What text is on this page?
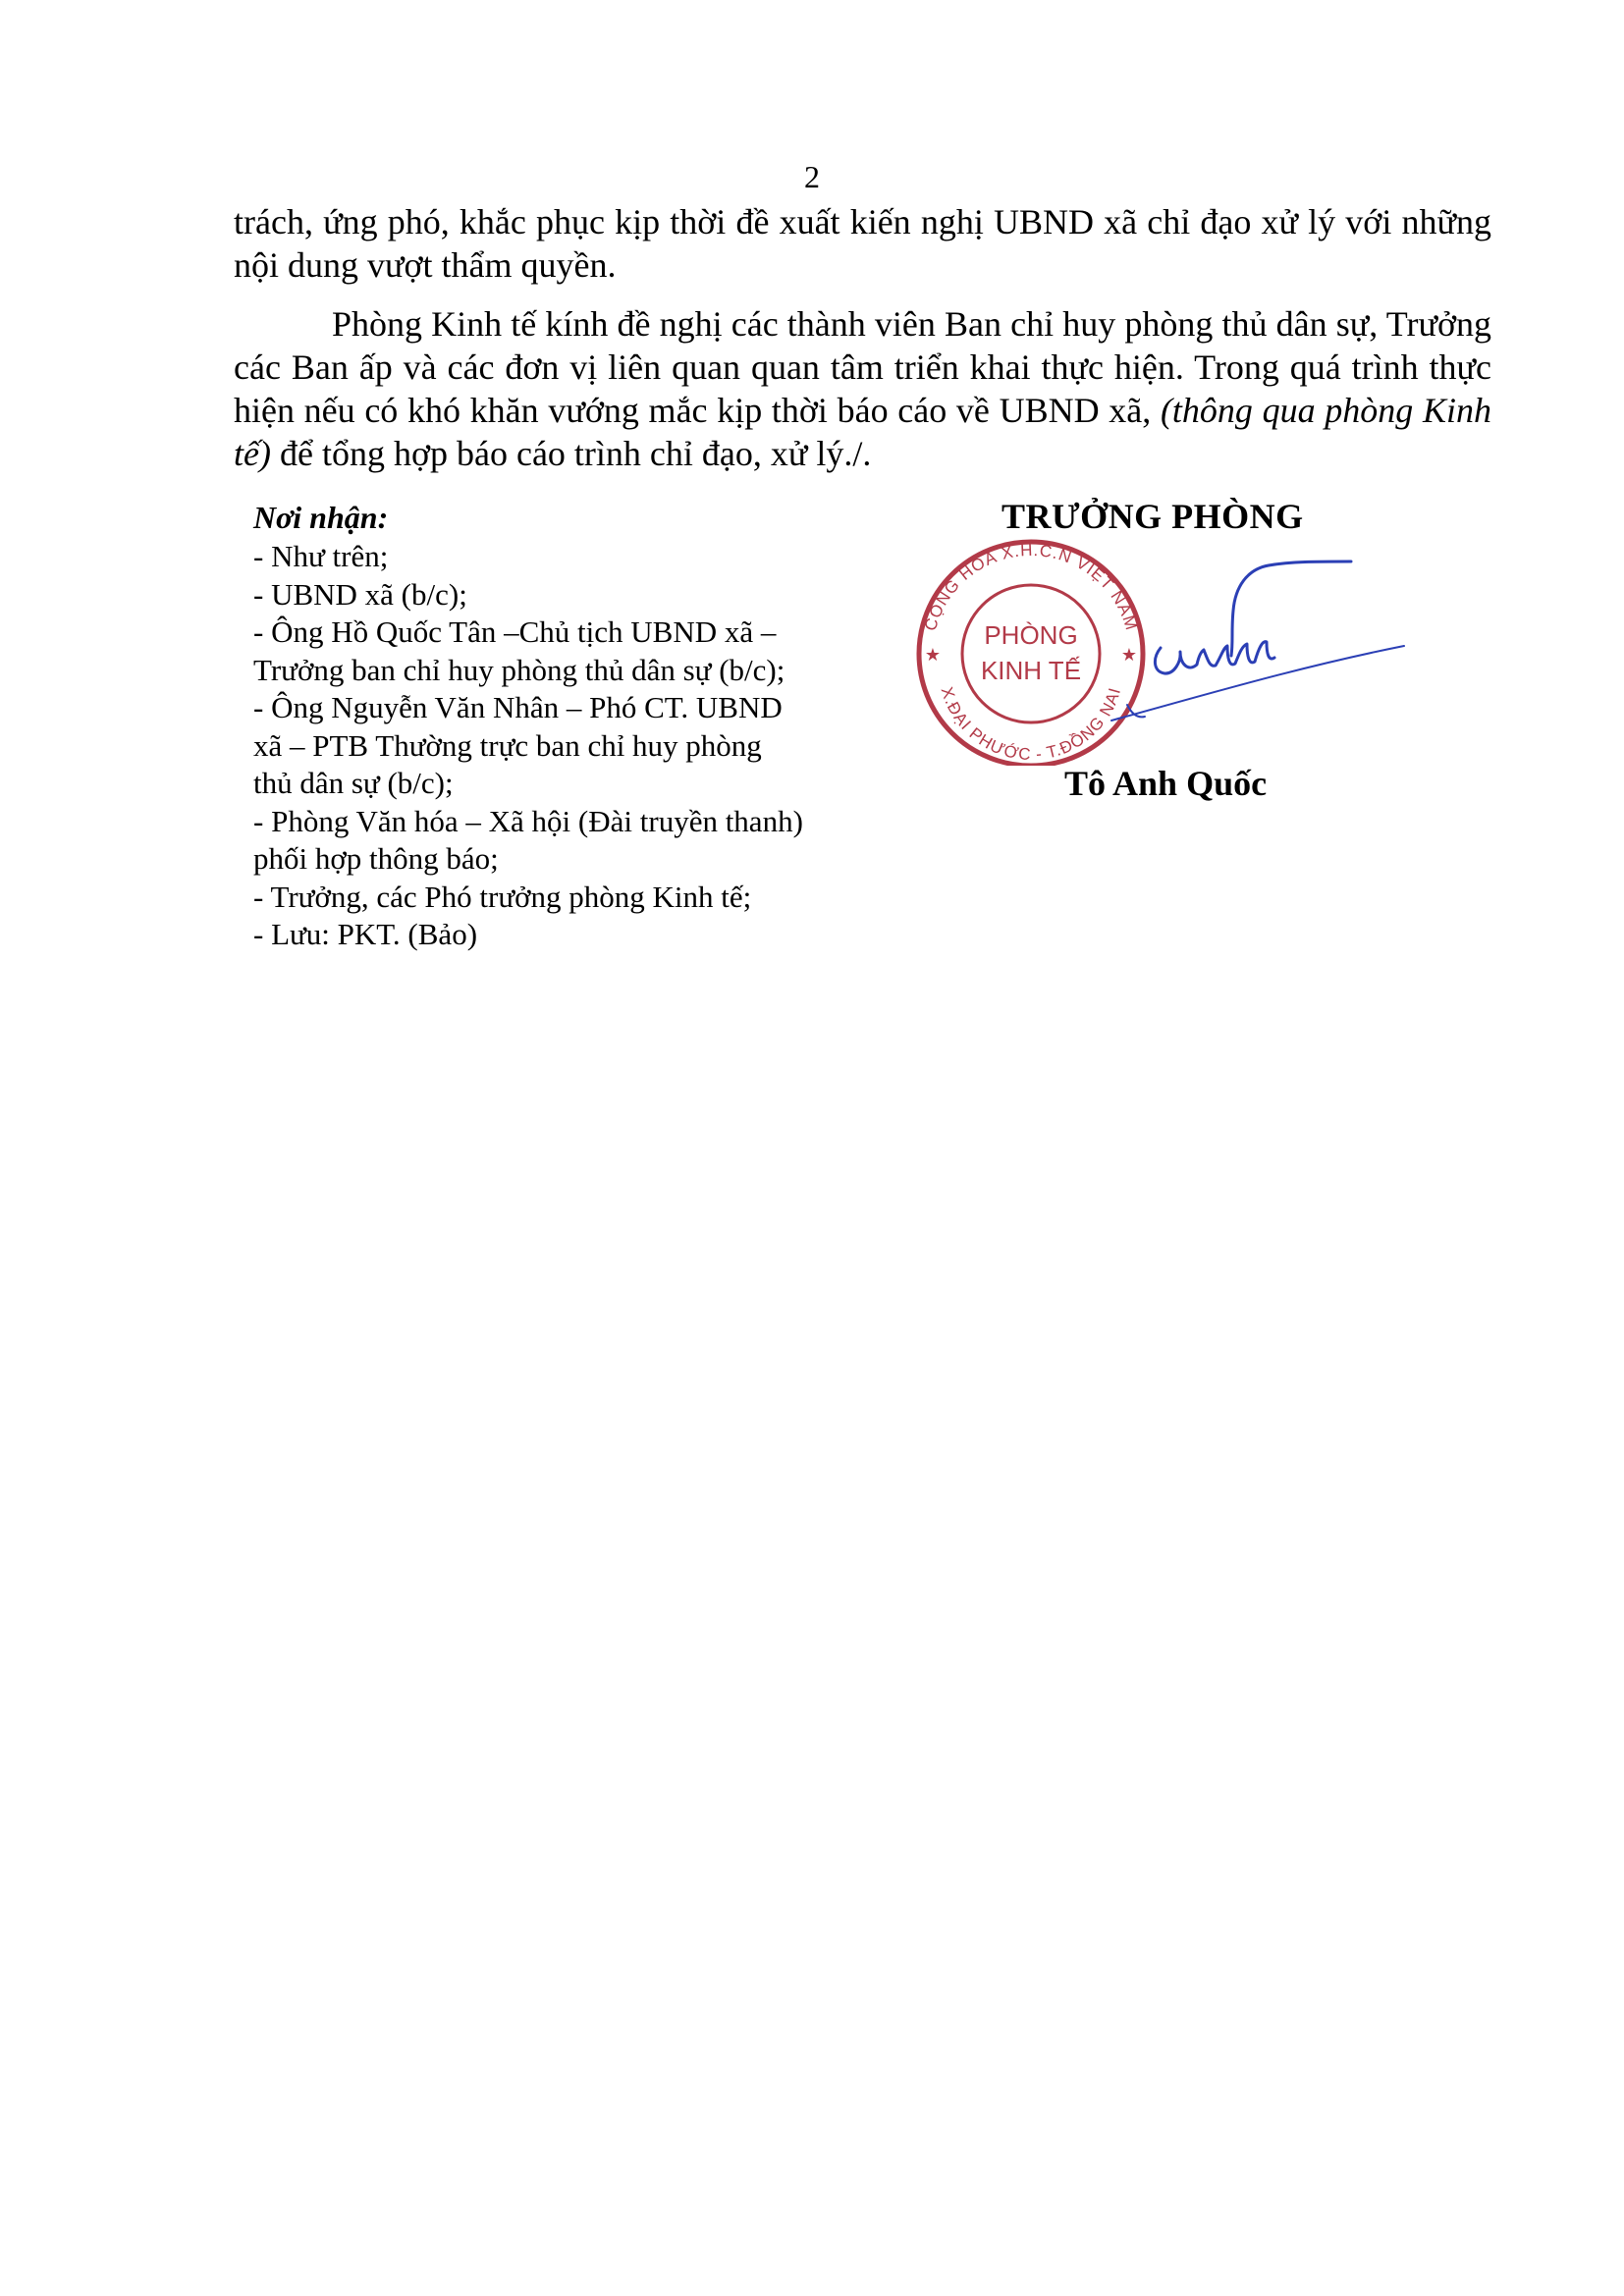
2

trách, ứng phó, khắc phục kịp thời đề xuất kiến nghị UBND xã chỉ đạo xử lý với những nội dung vượt thẩm quyền.

Phòng Kinh tế kính đề nghị các thành viên Ban chỉ huy phòng thủ dân sự, Trưởng các Ban ấp và các đơn vị liên quan quan tâm triển khai thực hiện. Trong quá trình thực hiện nếu có khó khăn vướng mắc kịp thời báo cáo về UBND xã, (thông qua phòng Kinh tế) để tổng hợp báo cáo trình chỉ đạo, xử lý./.

Nơi nhận:
- Như trên;
- UBND xã (b/c);
- Ông Hồ Quốc Tân –Chủ tịch UBND xã –
Trưởng ban chỉ huy phòng thủ dân sự (b/c);
- Ông Nguyễn Văn Nhân – Phó CT. UBND
xã – PTB Thường trực ban chỉ huy phòng
thủ dân sự (b/c);
- Phòng Văn hóa – Xã hội (Đài truyền thanh)
phối hợp thông báo;
- Trưởng, các Phó trưởng phòng Kinh tế;
- Lưu: PKT. (Bảo)
TRƯỞNG PHÒNG
CỘNG HÒA X.H.C.N VIỆT NAM
X.ĐẠI PHƯỚC - T.ĐỒNG NAI
PHÒNG
KINH TẾ
★	★
Tô Anh Quốc
